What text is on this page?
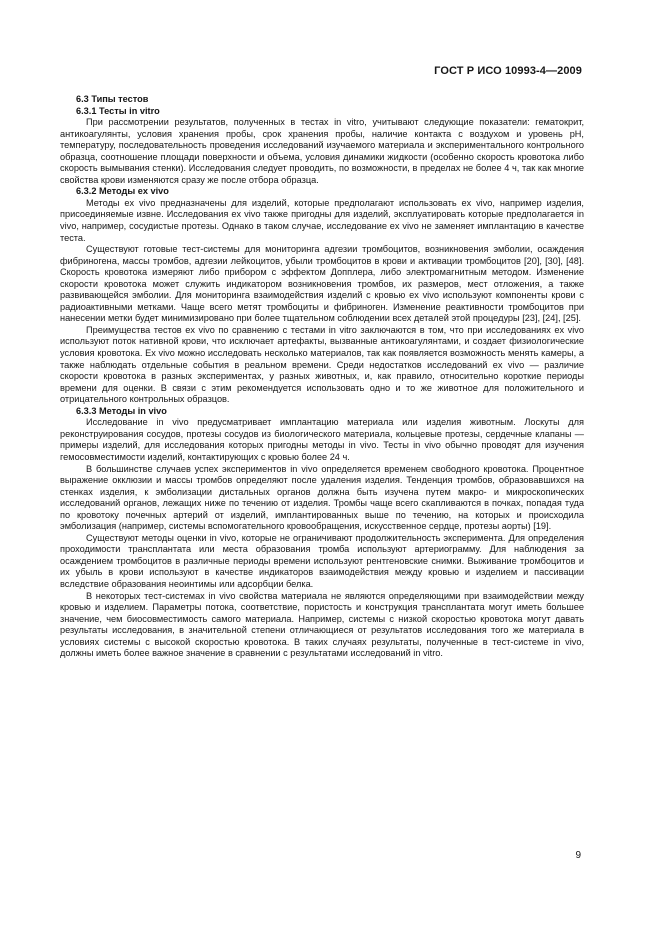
ГОСТ Р ИСО 10993-4—2009
6.3 Типы тестов
6.3.1 Тесты in vitro

При рассмотрении результатов, полученных в тестах in vitro, учитывают следующие показатели: гематокрит, антикоагулянты, условия хранения пробы, срок хранения пробы, наличие контакта с воздухом и уровень pH, температуру, последовательность проведения исследований изучаемого материала и экспериментального контрольного образца, соотношение площади поверхности и объема, условия динамики жидкости (особенно скорость кровотока либо скорость вымывания стенки). Исследования следует проводить, по возможности, в пределах не более 4 ч, так как многие свойства крови изменяются сразу же после отбора образца.

6.3.2 Методы ex vivo

Методы ex vivo предназначены для изделий, которые предполагают использовать ex vivo, например изделия, присоединяемые извне. Исследования ex vivo также пригодны для изделий, эксплуатировать которые предполагается in vivo, например, сосудистые протезы. Однако в таком случае, исследование ex vivo не заменяет имплантацию в качестве теста.

Существуют готовые тест-системы для мониторинга адгезии тромбоцитов, возникновения эмболии, осаждения фибриногена, массы тромбов, адгезии лейкоцитов, убыли тромбоцитов в крови и активации тромбоцитов [20], [30], [48]. Скорость кровотока измеряют либо прибором с эффектом Допплера, либо электромагнитным методом. Изменение скорости кровотока может служить индикатором возникновения тромбов, их размеров, мест отложения, а также развивающейся эмболии. Для мониторинга взаимодействия изделий с кровью ex vivo используют компоненты крови с радиоактивными метками. Чаще всего метят тромбоциты и фибриноген. Изменение реактивности тромбоцитов при нанесении метки будет минимизировано при более тщательном соблюдении всех деталей этой процедуры [23], [24], [25].

Преимущества тестов ex vivo по сравнению с тестами in vitro заключаются в том, что при исследованиях ex vivo используют поток нативной крови, что исключает артефакты, вызванные антикоагулянтами, и создает физиологические условия кровотока. Ex vivo можно исследовать несколько материалов, так как появляется возможность менять камеры, а также наблюдать отдельные события в реальном времени. Среди недостатков исследований ex vivo — различие скорости кровотока в разных экспериментах, у разных животных, и, как правило, относительно короткие периоды времени для оценки. В связи с этим рекомендуется использовать одно и то же животное для положительного и отрицательного контрольных образцов.

6.3.3 Методы in vivo

Исследование in vivo предусматривает имплантацию материала или изделия животным. Лоскуты для реконструирования сосудов, протезы сосудов из биологического материала, кольцевые протезы, сердечные клапаны — примеры изделий, для исследования которых пригодны методы in vivo. Тесты in vivo обычно проводят для изучения гемосовместимости изделий, контактирующих с кровью более 24 ч.

В большинстве случаев успех экспериментов in vivo определяется временем свободного кровотока. Процентное выражение окклюзии и массы тромбов определяют после удаления изделия. Тенденция тромбов, образовавшихся на стенках изделия, к эмболизации дистальных органов должна быть изучена путем макро- и микроскопических исследований органов, лежащих ниже по течению от изделия. Тромбы чаще всего скапливаются в почках, попадая туда по кровотоку почечных артерий от изделий, имплантированных выше по течению, на которых и происходила эмболизация (например, системы вспомогательного кровообращения, искусственное сердце, протезы аорты) [19].

Существуют методы оценки in vivo, которые не ограничивают продолжительность эксперимента. Для определения проходимости трансплантата или места образования тромба используют артериограмму. Для наблюдения за осаждением тромбоцитов в различные периоды времени используют рентгеновские снимки. Выживание тромбоцитов и их убыль в крови используют в качестве индикаторов взаимодействия между кровью и изделием и пассивации вследствие образования неоинтимы или адсорбции белка.

В некоторых тест-системах in vivo свойства материала не являются определяющими при взаимодействии между кровью и изделием. Параметры потока, соответствие, пористость и конструкция трансплантата могут иметь большее значение, чем биосовместимость самого материала. Например, системы с низкой скоростью кровотока могут давать результаты исследования, в значительной степени отличающиеся от результатов исследования того же материала в условиях системы с высокой скоростью кровотока. В таких случаях результаты, полученные в тест-системе in vivo, должны иметь более важное значение в сравнении с результатами исследований in vitro.

9
